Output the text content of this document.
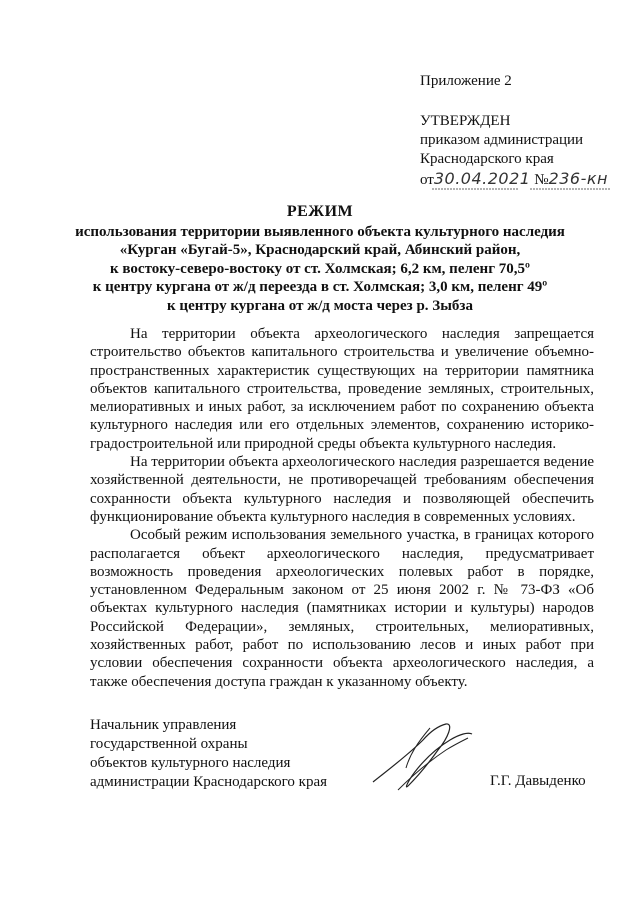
Приложение 2
УТВЕРЖДЕН
приказом администрации
Краснодарского края
от30.04.2021 №236-кн
РЕЖИМ
использования территории выявленного объекта культурного наследия
«Курган «Бугай-5», Краснодарский край, Абинский район,
к востоку-северо-востоку от ст. Холмская; 6,2 км, пеленг 70,5º
к центру кургана от ж/д переезда в ст. Холмская; 3,0 км, пеленг 49º
к центру кургана от ж/д моста через р. Зыбза

На территории объекта археологического наследия запрещается строительство объектов капитального строительства и увеличение объемно-пространственных характеристик существующих на территории памятника объектов капитального строительства, проведение земляных, строительных, мелиоративных и иных работ, за исключением работ по сохранению объекта культурного наследия или его отдельных элементов, сохранению историко-градостроительной или природной среды объекта культурного наследия.

На территории объекта археологического наследия разрешается ведение хозяйственной деятельности, не противоречащей требованиям обеспечения сохранности объекта культурного наследия и позволяющей обеспечить функционирование объекта культурного наследия в современных условиях.

Особый режим использования земельного участка, в границах которого располагается объект археологического наследия, предусматривает возможность проведения археологических полевых работ в порядке, установленном Федеральным законом от 25 июня 2002 г. № 73-ФЗ «Об объектах культурного наследия (памятниках истории и культуры) народов Российской Федерации», земляных, строительных, мелиоративных, хозяйственных работ, работ по использованию лесов и иных работ при условии обеспечения сохранности объекта археологического наследия, а также обеспечения доступа граждан к указанному объекту.

Начальник управления
государственной охраны
объектов культурного наследия
администрации Краснодарского края	Г.Г. Давыденко
